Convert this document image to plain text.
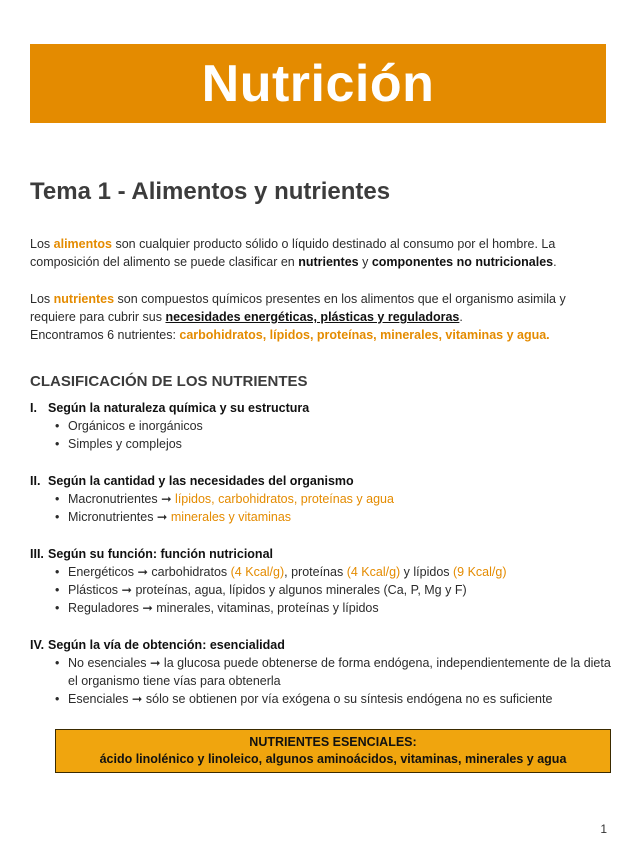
Nutrición
Tema 1 - Alimentos y nutrientes

Los alimentos son cualquier producto sólido o líquido destinado al consumo por el hombre. La composición del alimento se puede clasificar en nutrientes y componentes no nutricionales.

Los nutrientes son compuestos químicos presentes en los alimentos que el organismo asimila y requiere para cubrir sus necesidades energéticas, plásticas y reguladoras.
Encontramos 6 nutrientes: carbohidratos, lípidos, proteínas, minerales, vitaminas y agua.

CLASIFICACIÓN DE LOS NUTRIENTES

I. Según la naturaleza química y su estructura

• Orgánicos e inorgánicos
• Simples y complejos

II. Según la cantidad y las necesidades del organismo

• Macronutrientes ➞ lípidos, carbohidratos, proteínas y agua
• Micronutrientes ➞ minerales y vitaminas

III. Según su función: función nutricional

• Energéticos ➞ carbohidratos (4 Kcal/g), proteínas (4 Kcal/g) y lípidos (9 Kcal/g)
• Plásticos ➞ proteínas, agua, lípidos y algunos minerales (Ca, P, Mg y F)
• Reguladores ➞ minerales, vitaminas, proteínas y lípidos

IV. Según la vía de obtención: esencialidad

• No esenciales ➞ la glucosa puede obtenerse de forma endógena, independientemente de la dieta el organismo tiene vías para obtenerla
• Esenciales ➞ sólo se obtienen por vía exógena o su síntesis endógena no es suficiente
NUTRIENTES ESENCIALES:
ácido linolénico y linoleico, algunos aminoácidos, vitaminas, minerales y agua
1
